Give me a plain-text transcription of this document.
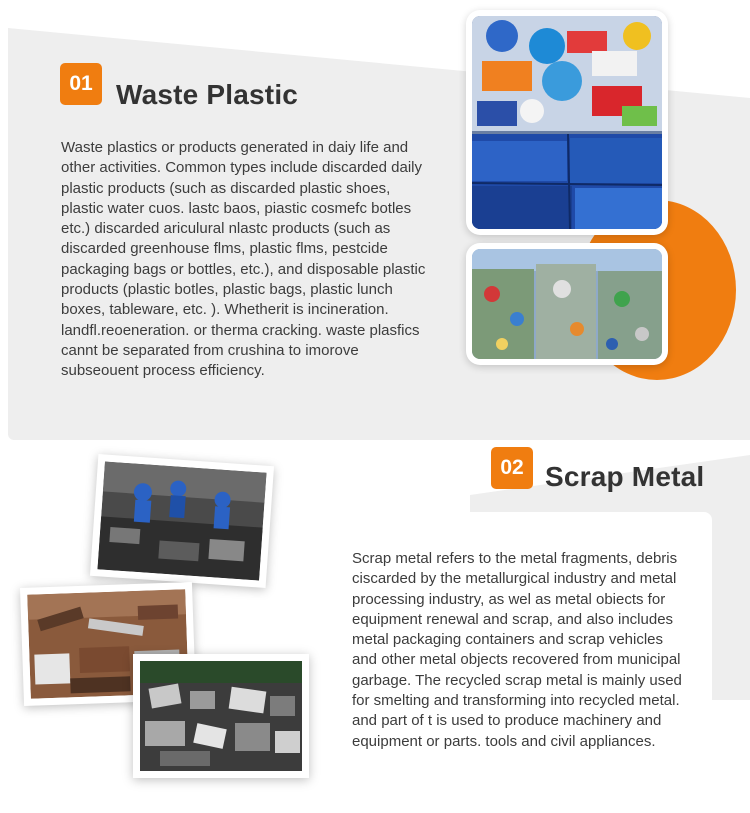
01 Waste Plastic
Waste plastics or products generated in daiy life and other activities. Common types include discarded daily plastic products (such as discarded plastic shoes, plastic water cuos. lastc baos, piastic cosmefc botles etc.) discarded ariculural nlastc products (such as discarded greenhouse flms, plastic flms, pestcide packaging bags or bottles, etc.), and disposable plastic products (plastic botles, plastic bags, plastic lunch boxes, tableware, etc. ). Whetherit is incineration. landfl.reoeneration. or therma cracking. waste plasfics cannt be separated from crushina to imorove subseouent process efficiency.
02 Scrap Metal
Scrap metal refers to the metal fragments, debris ciscarded by the metallurgical industry and metal processing industry, as wel as metal obiects for equipment renewal and scrap, and also includes metal packaging containers and scrap vehicles and other metal objects recovered from municipal garbage. The recycled scrap metal is mainly used for smelting and transforming into recycled metal. and part of t is used to produce machinery and equipment or parts. tools and civil appliances.
